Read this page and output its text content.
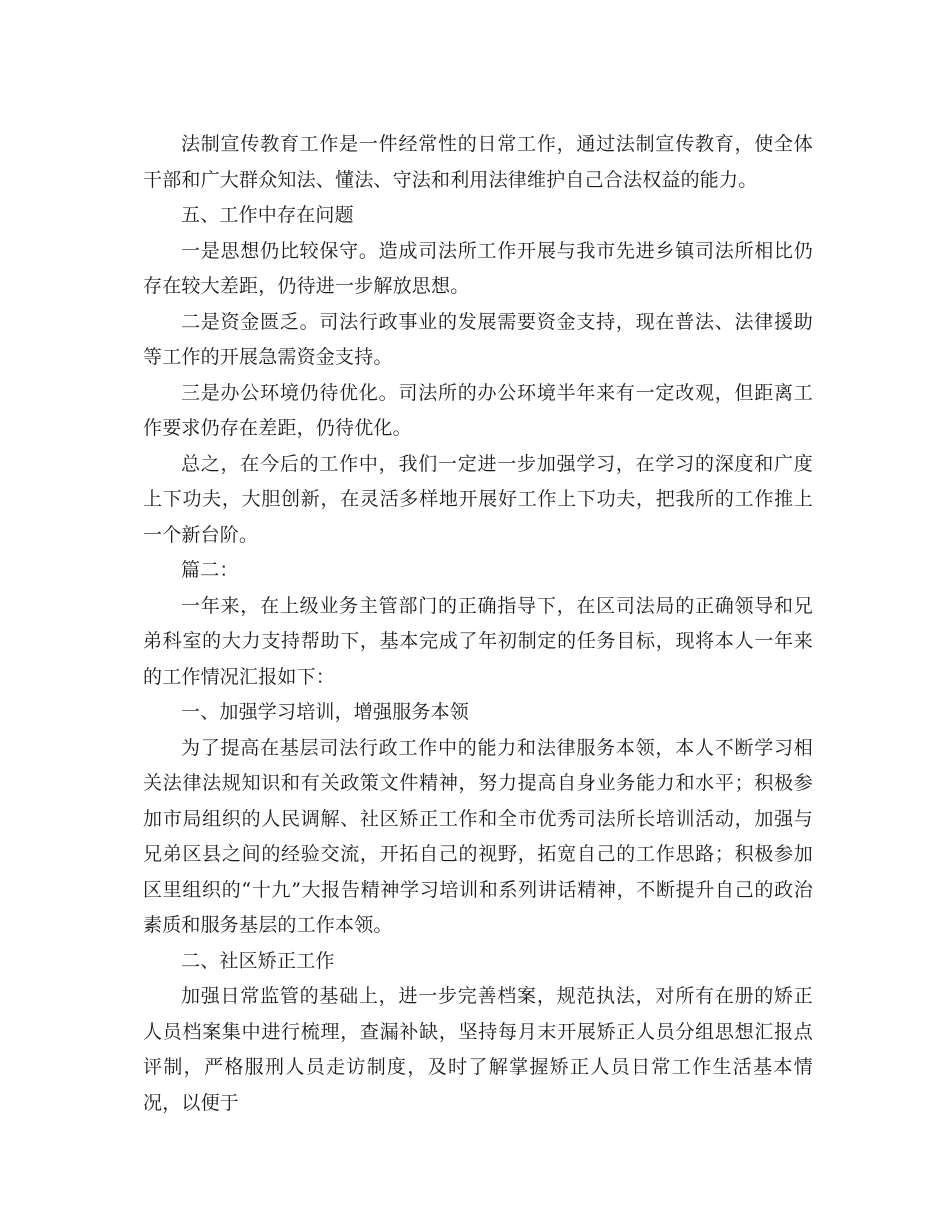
法制宣传教育工作是一件经常性的日常工作，通过法制宣传教育，使全体干部和广大群众知法、懂法、守法和利用法律维护自己合法权益的能力。

五、工作中存在问题

一是思想仍比较保守。造成司法所工作开展与我市先进乡镇司法所相比仍存在较大差距，仍待进一步解放思想。

二是资金匮乏。司法行政事业的发展需要资金支持，现在普法、法律援助等工作的开展急需资金支持。

三是办公环境仍待优化。司法所的办公环境半年来有一定改观，但距离工作要求仍存在差距，仍待优化。

总之，在今后的工作中，我们一定进一步加强学习，在学习的深度和广度上下功夫，大胆创新，在灵活多样地开展好工作上下功夫，把我所的工作推上一个新台阶。

篇二：

一年来，在上级业务主管部门的正确指导下，在区司法局的正确领导和兄弟科室的大力支持帮助下，基本完成了年初制定的任务目标，现将本人一年来的工作情况汇报如下：

一、加强学习培训，增强服务本领

为了提高在基层司法行政工作中的能力和法律服务本领，本人不断学习相关法律法规知识和有关政策文件精神，努力提高自身业务能力和水平；积极参加市局组织的人民调解、社区矫正工作和全市优秀司法所长培训活动，加强与兄弟区县之间的经验交流，开拓自己的视野，拓宽自己的工作思路；积极参加区里组织的“十九”大报告精神学习培训和系列讲话精神，不断提升自己的政治素质和服务基层的工作本领。

二、社区矫正工作

加强日常监管的基础上，进一步完善档案，规范执法，对所有在册的矫正人员档案集中进行梳理，查漏补缺，坚持每月末开展矫正人员分组思想汇报点评制，严格服刑人员走访制度，及时了解掌握矫正人员日常工作生活基本情况，以便于
